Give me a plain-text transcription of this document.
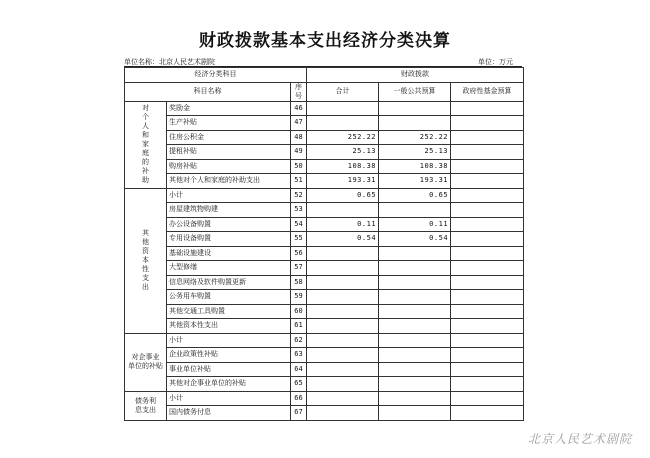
财政拨款基本支出经济分类决算
单位名称：北京人民艺术剧院	单位：万元
经济分类科目			财政拨款		
科目名称		序号	合计	一般公共预算	政府性基金预算

对个人和家庭的补助	奖励金	46			
	生产补贴	47			
	住房公积金	48	252.22	252.22	
	提租补贴	49	25.13	25.13	
	购房补贴	50	108.38	108.38	
	其他对个人和家庭的补助支出	51	193.31	193.31	

其他资本性支出	小计	52	0.65	0.65	
	房屋建筑物购建	53			
	办公设备购置	54	0.11	0.11	
	专用设备购置	55	0.54	0.54	
	基础设施建设	56			
	大型修缮	57			
	信息网络及软件购置更新	58			
	公务用车购置	59			
	其他交通工具购置	60			
	其他资本性支出	61			

对企事业
单位的补贴	小计	62			
	企业政策性补贴	63			
	事业单位补贴	64			
	其他对企事业单位的补贴	65			

债务利
息支出	小计	66			
	国内债务付息	67			
北京人民艺术剧院
